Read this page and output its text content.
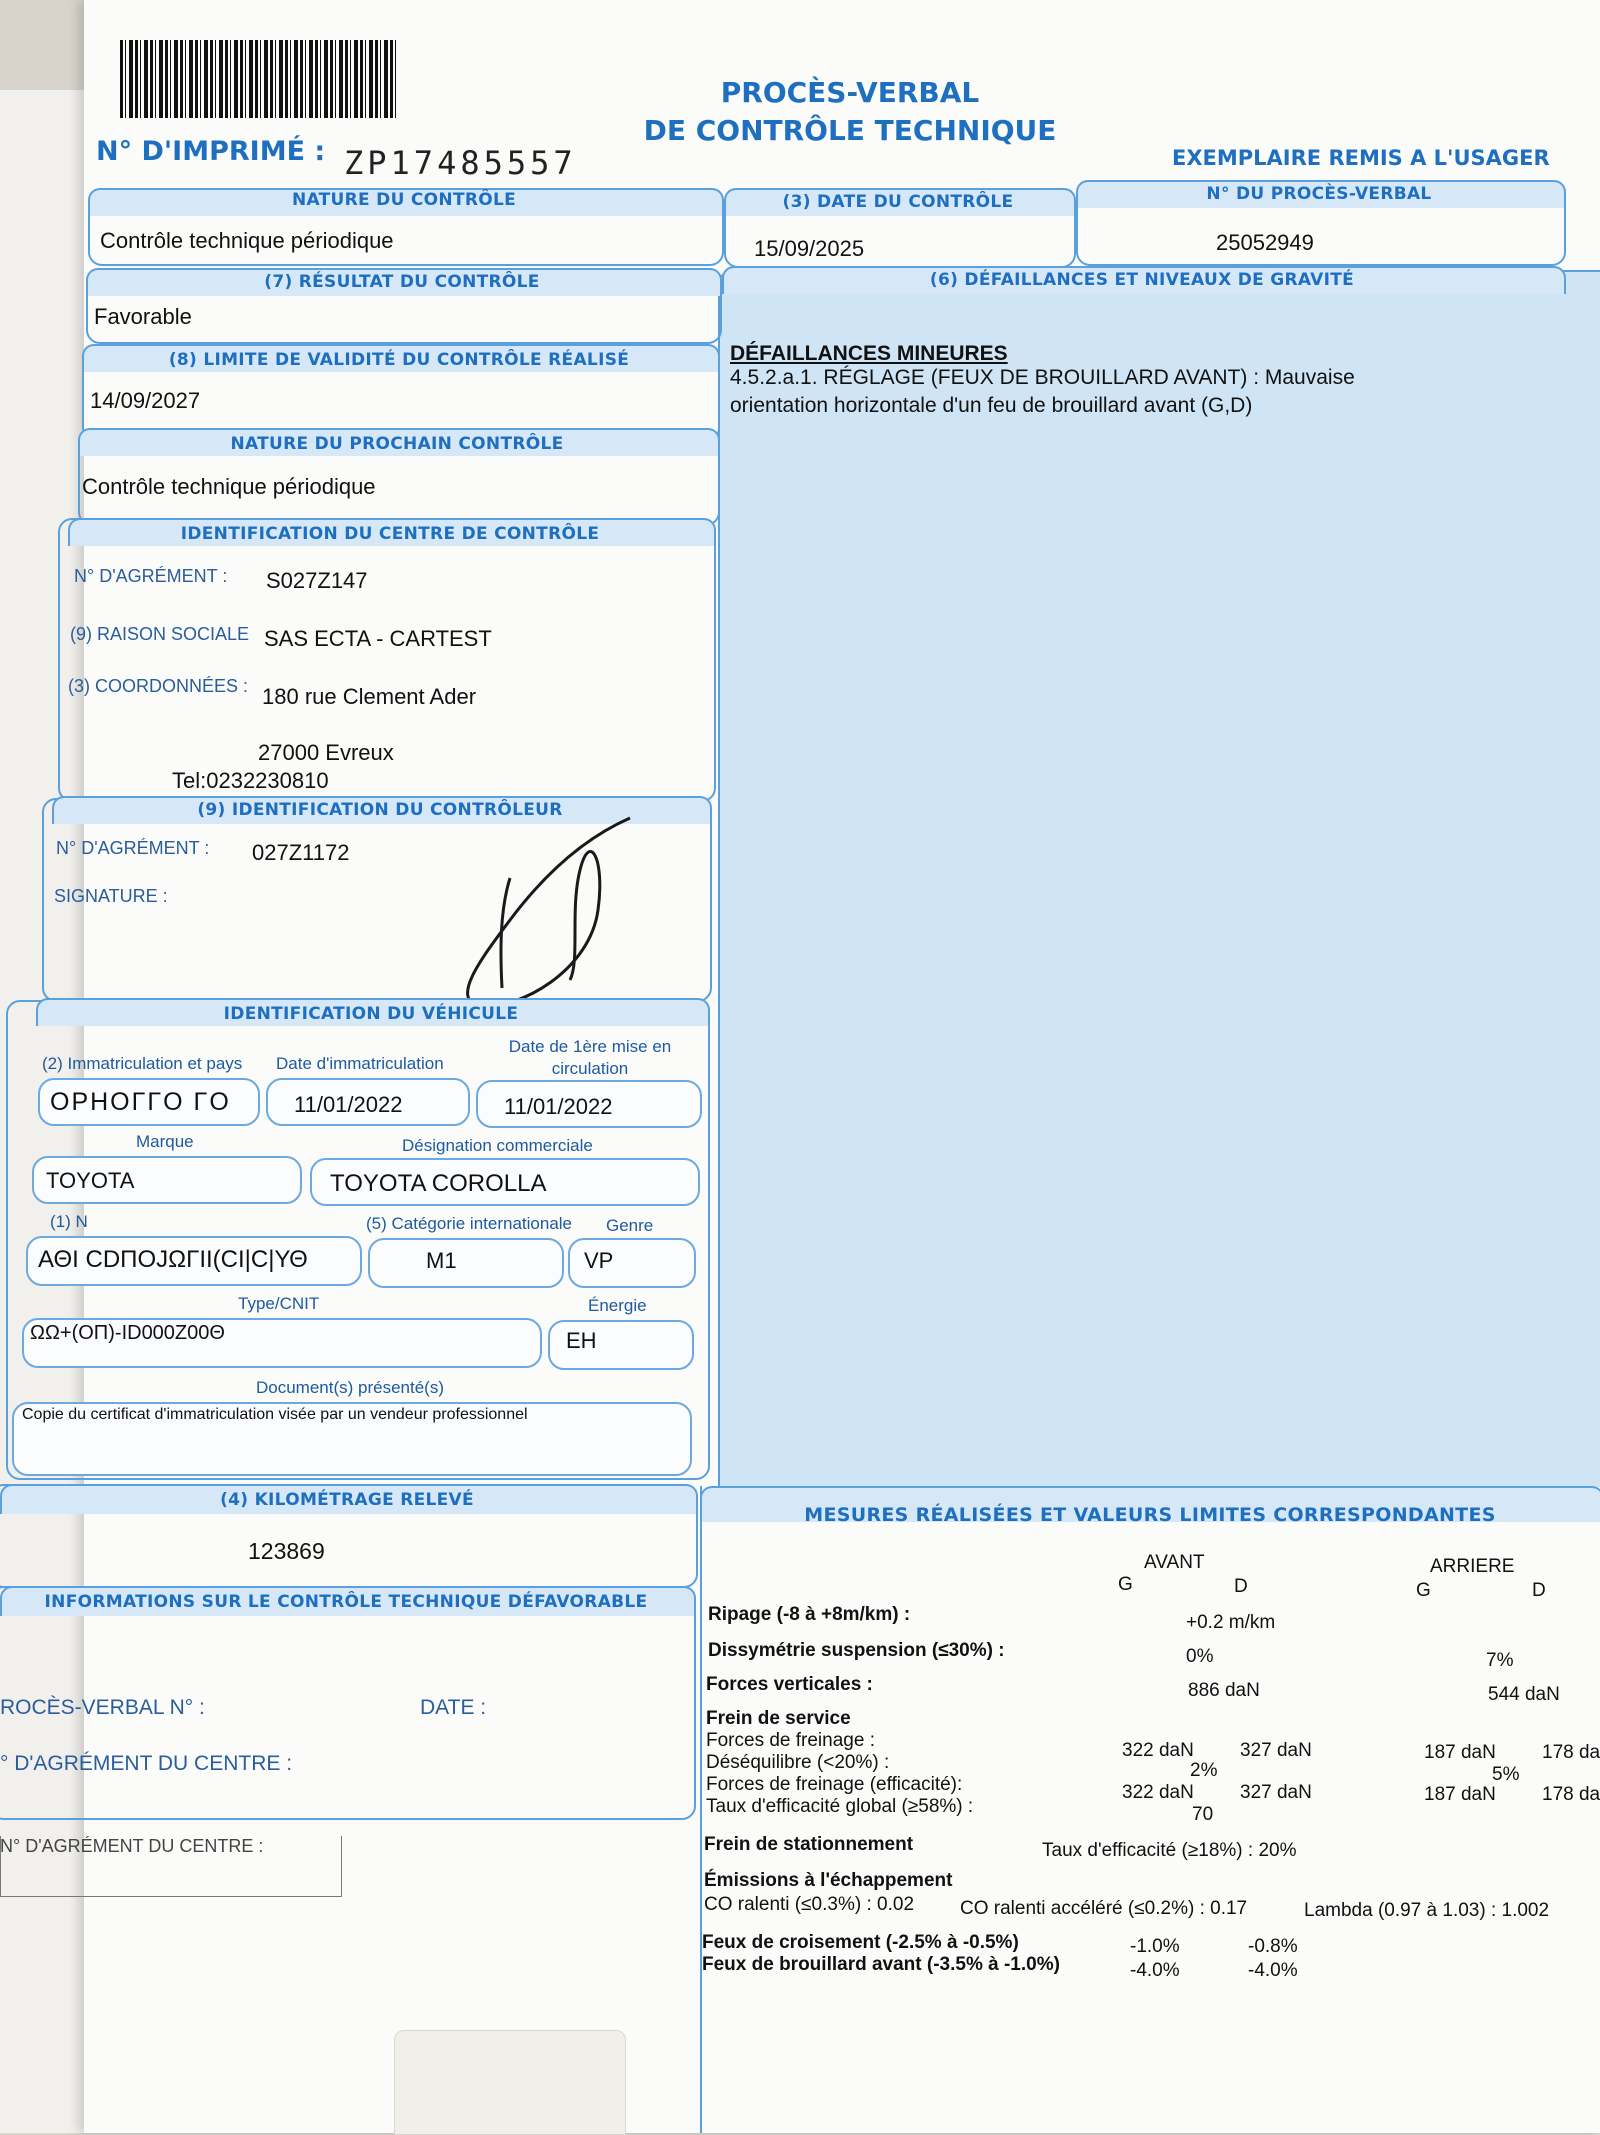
N° D'IMPRIMÉ : ZP17485557
PROCÈS-VERBAL
DE CONTRÔLE TECHNIQUE
EXEMPLAIRE REMIS A L'USAGER
NATURE DU CONTRÔLE
Contrôle technique périodique
(3) DATE DU CONTRÔLE
15/09/2025
N° DU PROCÈS-VERBAL
25052949
(7) RÉSULTAT DU CONTRÔLE
Favorable
(6) DÉFAILLANCES ET NIVEAUX DE GRAVITÉ
DÉFAILLANCES MINEURES
4.5.2.a.1. RÉGLAGE (FEUX DE BROUILLARD AVANT) : Mauvaise
orientation horizontale d'un feu de brouillard avant (G,D)
(8) LIMITE DE VALIDITÉ DU CONTRÔLE RÉALISÉ
14/09/2027
NATURE DU PROCHAIN CONTRÔLE
Contrôle technique périodique
IDENTIFICATION DU CENTRE DE CONTRÔLE
N° D'AGRÉMENT : S027Z147
(9) RAISON SOCIALE SAS ECTA - CARTEST
(3) COORDONNÉES : 180 rue Clement Ader
27000 Evreux
Tel:0232230810
(9) IDENTIFICATION DU CONTRÔLEUR
N° D'AGRÉMENT : 027Z1172
SIGNATURE :
IDENTIFICATION DU VÉHICULE
(2) Immatriculation et pays Date d'immatriculation
Date de 1ère mise en circulation
ΟΡΗΟΓΓΟ ΓΟ	11/01/2022	11/01/2022
Marque	Désignation commerciale
TOYOTA	TOYOTA COROLLA
(1) N	(5) Catégorie internationale Genre
ΑΘΙ CDΠOJΩΓΙΙ(CΙ|C|ΥΘ	M1	VP
Type/CNIT	Énergie
ΩΩ+(ΟΠ)-ΙD000Z00Θ	EH
Document(s) présenté(s)
Copie du certificat d'immatriculation visée par un vendeur professionnel
(4) KILOMÉTRAGE RELEVÉ
123869
INFORMATIONS SUR LE CONTRÔLE TECHNIQUE DÉFAVORABLE
ROCÈS-VERBAL N° :	DATE :
° D'AGRÉMENT DU CENTRE :
N° D'AGRÉMENT DU CENTRE :
MESURES RÉALISÉES ET VALEURS LIMITES CORRESPONDANTES
AVANT	ARRIERE
G	D	G	D
Ripage (-8 à +8m/km) :	+0.2 m/km
Dissymétrie suspension (≤30%) :	0%	7%
Forces verticales :	886 daN	544 daN
Frein de service
Forces de freinage :	322 daN 327 daN	187 daN 178 da
Déséquilibre (<20%) :	2%	5%
Forces de freinage (efficacité):	322 daN 327 daN	187 daN 178 da
Taux d'efficacité global (≥58%) :	70
Frein de stationnement	Taux d'efficacité (≥18%) : 20%
Émissions à l'échappement
CO ralenti (≤0.3%) : 0.02 CO ralenti accéléré (≤0.2%) : 0.17	Lambda (0.97 à 1.03) : 1.002
Feux de croisement (-2.5% à -0.5%)	-1.0%	-0.8%
Feux de brouillard avant (-3.5% à -1.0%)	-4.0%	-4.0%
